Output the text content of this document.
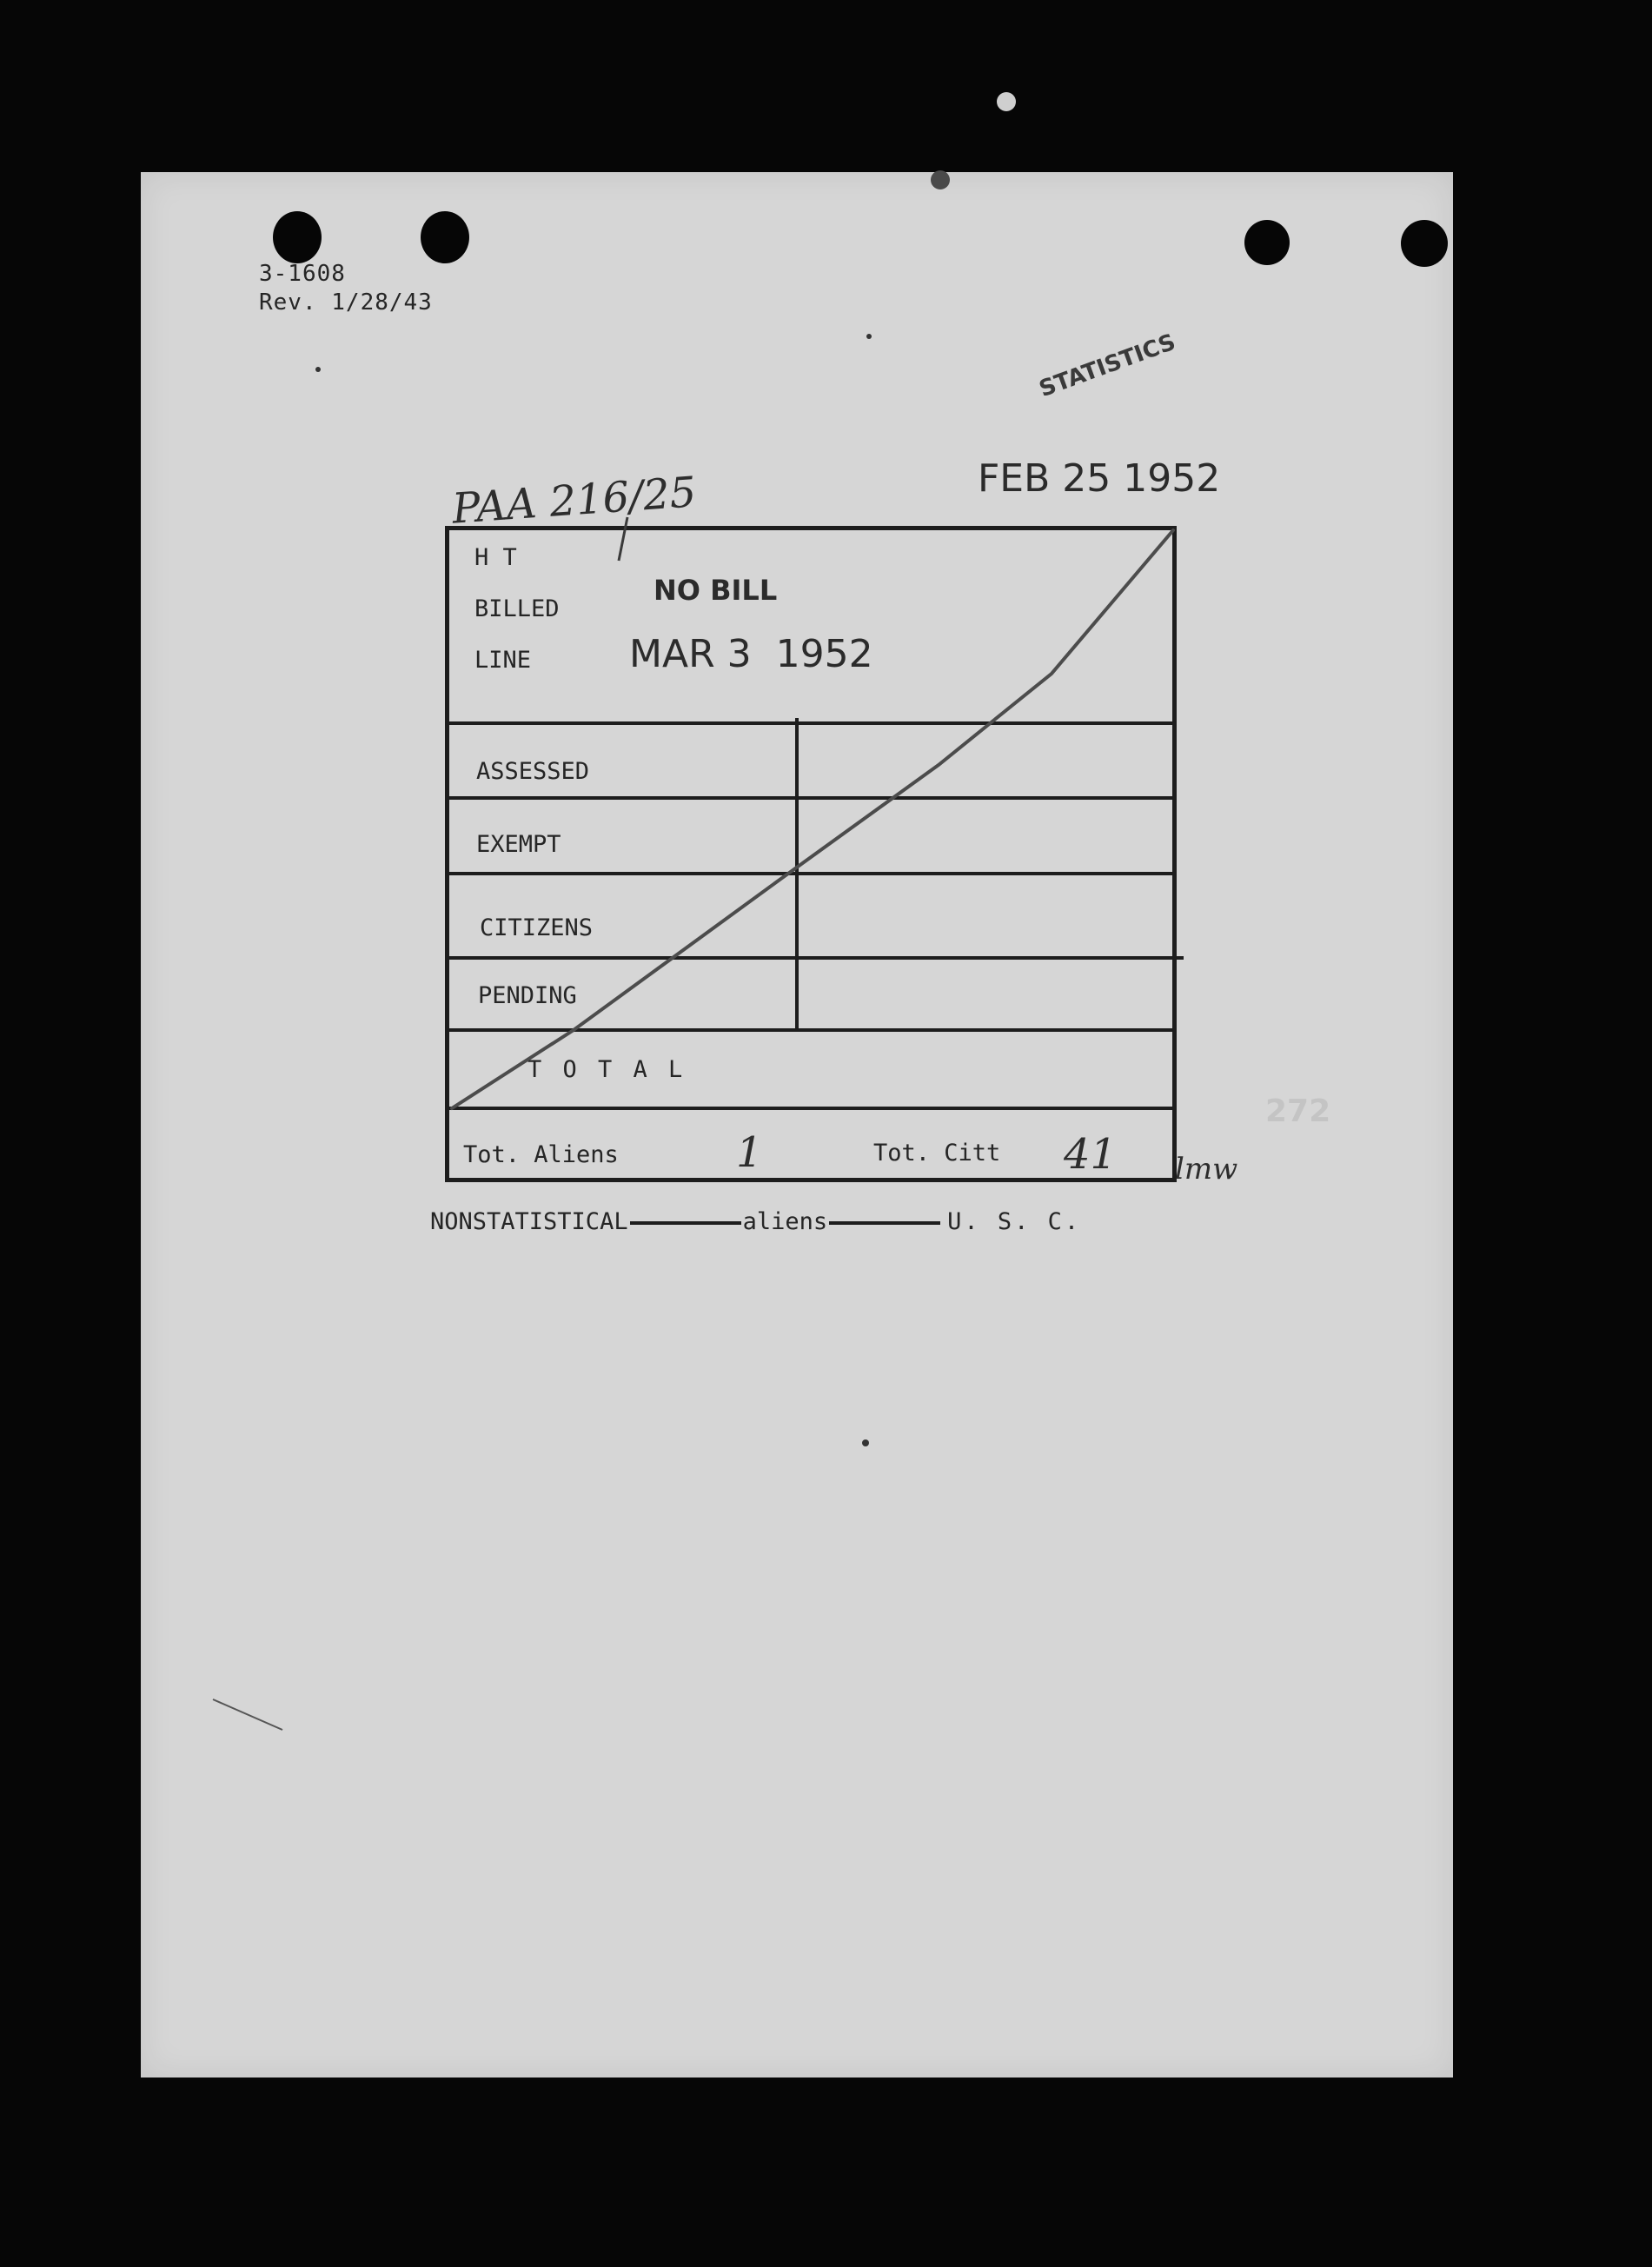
3-1608
Rev. 1/28/43
STATISTICS
PAA 216/25	FEB 25 1952
H T
BILLED
LINE
NO BILL
MAR 3  1952
ASSESSED
EXEMPT
CITIZENS
PENDING
T O T A L
Tot. Aliens	1	Tot. Citt 41 lmw
NONSTATISTICAL	aliens	U. S. C.
272
